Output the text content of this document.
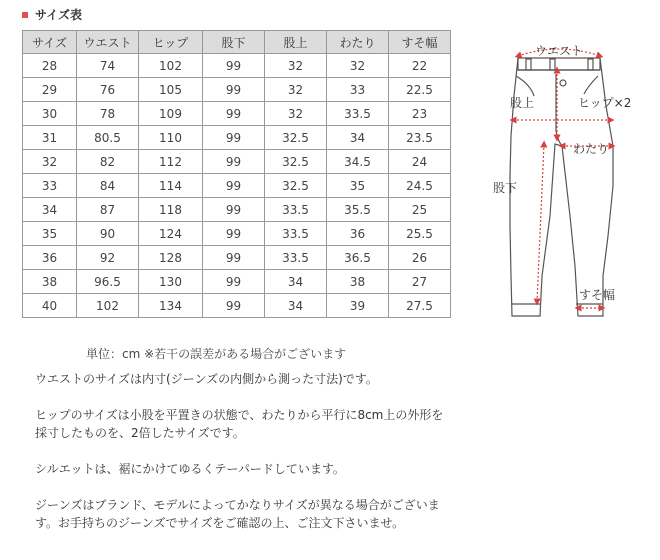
サイズ表
サイズ	ウエスト	ヒップ	股下	股上	わたり	すそ幅
28	74	102	99	32	32	22
29	76	105	99	32	33	22.5
30	78	109	99	32	33.5	23
31	80.5	110	99	32.5	34	23.5
32	82	112	99	32.5	34.5	24
33	84	114	99	32.5	35	24.5
34	87	118	99	33.5	35.5	25
35	90	124	99	33.5	36	25.5
36	92	128	99	33.5	36.5	26
38	96.5	130	99	34	38	27
40	102	134	99	34	39	27.5
単位：cm ※若干の誤差がある場合がございます

ウエストのサイズは内寸(ジーンズの内側から測った寸法)です。

ヒップのサイズは小股を平置きの状態で、わたりから平行に8cm上の外形を採寸したものを、2倍したサイズです。

シルエットは、裾にかけてゆるくテーパードしています。

ジーンズはブランド、モデルによってかなりサイズが異なる場合がございます。お手持ちのジーンズでサイズをご確認の上、ご注文下さいませ。

ウエスト
股上	ヒップ×2
わたり
股下
すそ幅
